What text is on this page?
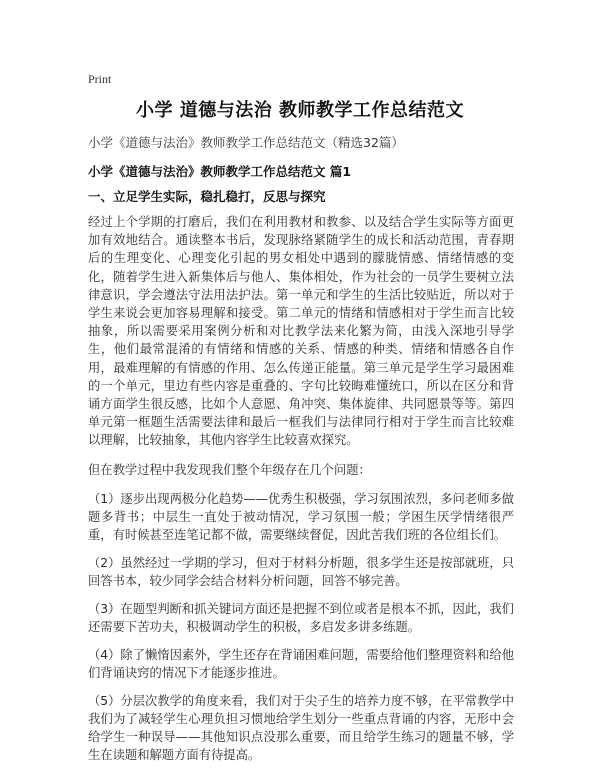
Print
小学 道德与法治 教师教学工作总结范文
小学《道德与法治》教师教学工作总结范文（精选32篇）
小学《道德与法治》教师教学工作总结范文 篇1
一、立足学生实际，稳扎稳打，反思与探究

经过上个学期的打磨后，我们在利用教材和教参、以及结合学生实际等方面更加有效地结合。通读整本书后，发现脉络紧随学生的成长和活动范围，青春期后的生理变化、心理变化引起的男女相处中遇到的朦胧情感、情绪情感的变化，随着学生进入新集体后与他人、集体相处，作为社会的一员学生要树立法律意识，学会遵法守法用法护法。第一单元和学生的生活比较贴近，所以对于学生来说会更加容易理解和接受。第二单元的情绪和情感相对于学生而言比较抽象，所以需要采用案例分析和对比教学法来化繁为简，由浅入深地引导学生，他们最常混淆的有情绪和情感的关系、情感的种类、情绪和情感各自作用，最难理解的有情感的作用、怎么传递正能量。第三单元是学生学习最困难的一个单元，里边有些内容是重叠的、字句比较晦难懂统口，所以在区分和背诵方面学生很反感，比如个人意愿、角冲突、集体旋律、共同愿景等等。第四单元第一框题生活需要法律和最后一框我们与法律同行相对于学生而言比较难以理解，比较抽象，其他内容学生比较喜欢探究。

但在教学过程中我发现我们整个年级存在几个问题：

（1）逐步出现两极分化趋势——优秀生积极强，学习氛围浓烈，多问老师多做题多背书；中层生一直处于被动情况，学习氛围一般；学困生厌学情绪很严重，有时候甚至连笔记都不做，需要继续督促，因此苦我们班的各位组长们。

（2）虽然经过一学期的学习，但对于材料分析题，很多学生还是按部就班，只回答书本，较少同学会结合材料分析问题，回答不够完善。

（3）在题型判断和抓关键词方面还是把握不到位或者是根本不抓，因此，我们还需要下苦功夫，积极调动学生的积极，多启发多讲多练题。

（4）除了懒惰因素外，学生还存在背诵困难问题，需要给他们整理资料和给他们背诵诀窍的情况下才能逐步推进。

（5）分层次教学的角度来看，我们对于尖子生的培养力度不够，在平常教学中我们为了减轻学生心理负担习惯地给学生划分一些重点背诵的内容，无形中会给学生一种误导——其他知识点没那么重要，而且给学生练习的题量不够，学生在读题和解题方面有待提高。
